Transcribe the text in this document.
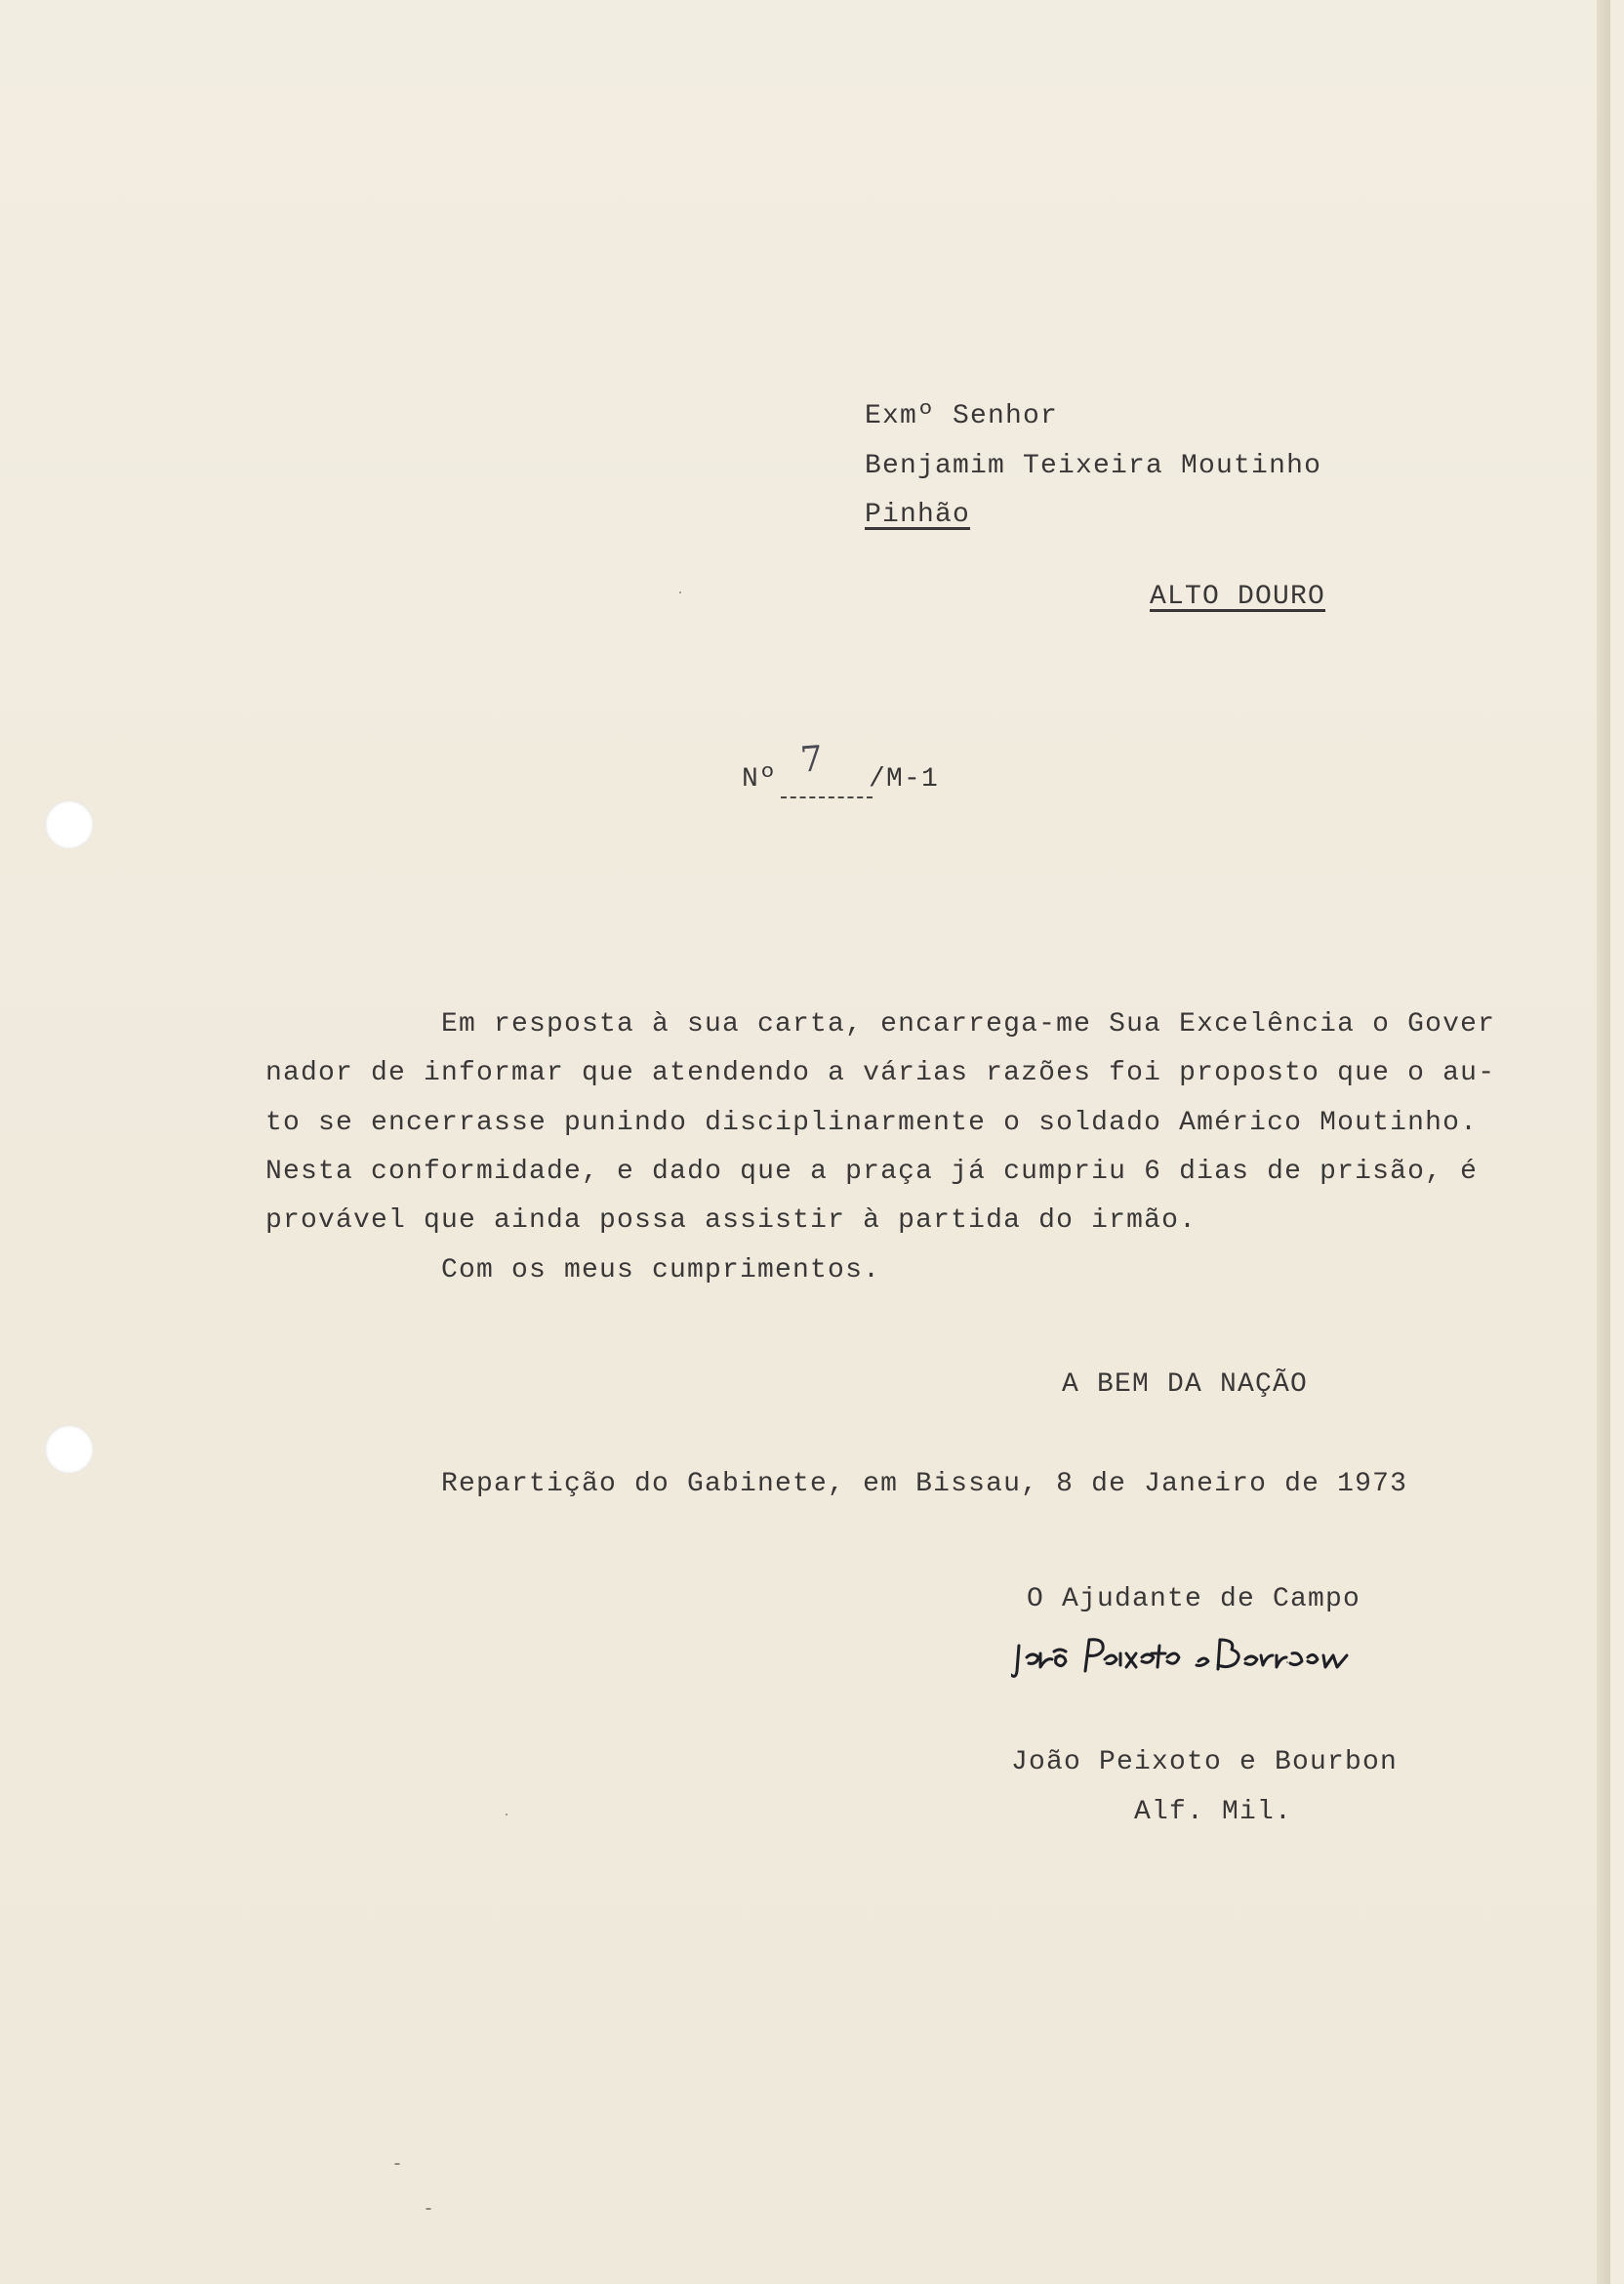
Exmº Senhor
Benjamim Teixeira Moutinho
Pinhão
ALTO DOURO
Nº 7 /M-1
Em resposta à sua carta, encarrega-me Sua Excelência o Gover
nador de informar que atendendo a várias razões foi proposto que o au-
to se encerrasse punindo disciplinarmente o soldado Américo Moutinho.
Nesta conformidade, e dado que a praça já cumpriu 6 dias de prisão, é
provável que ainda possa assistir à partida do irmão.
Com os meus cumprimentos.
A BEM DA NAÇÃO
Repartição do Gabinete, em Bissau, 8 de Janeiro de 1973
O Ajudante de Campo
João Peixoto e Bourbon
Alf. Mil.
